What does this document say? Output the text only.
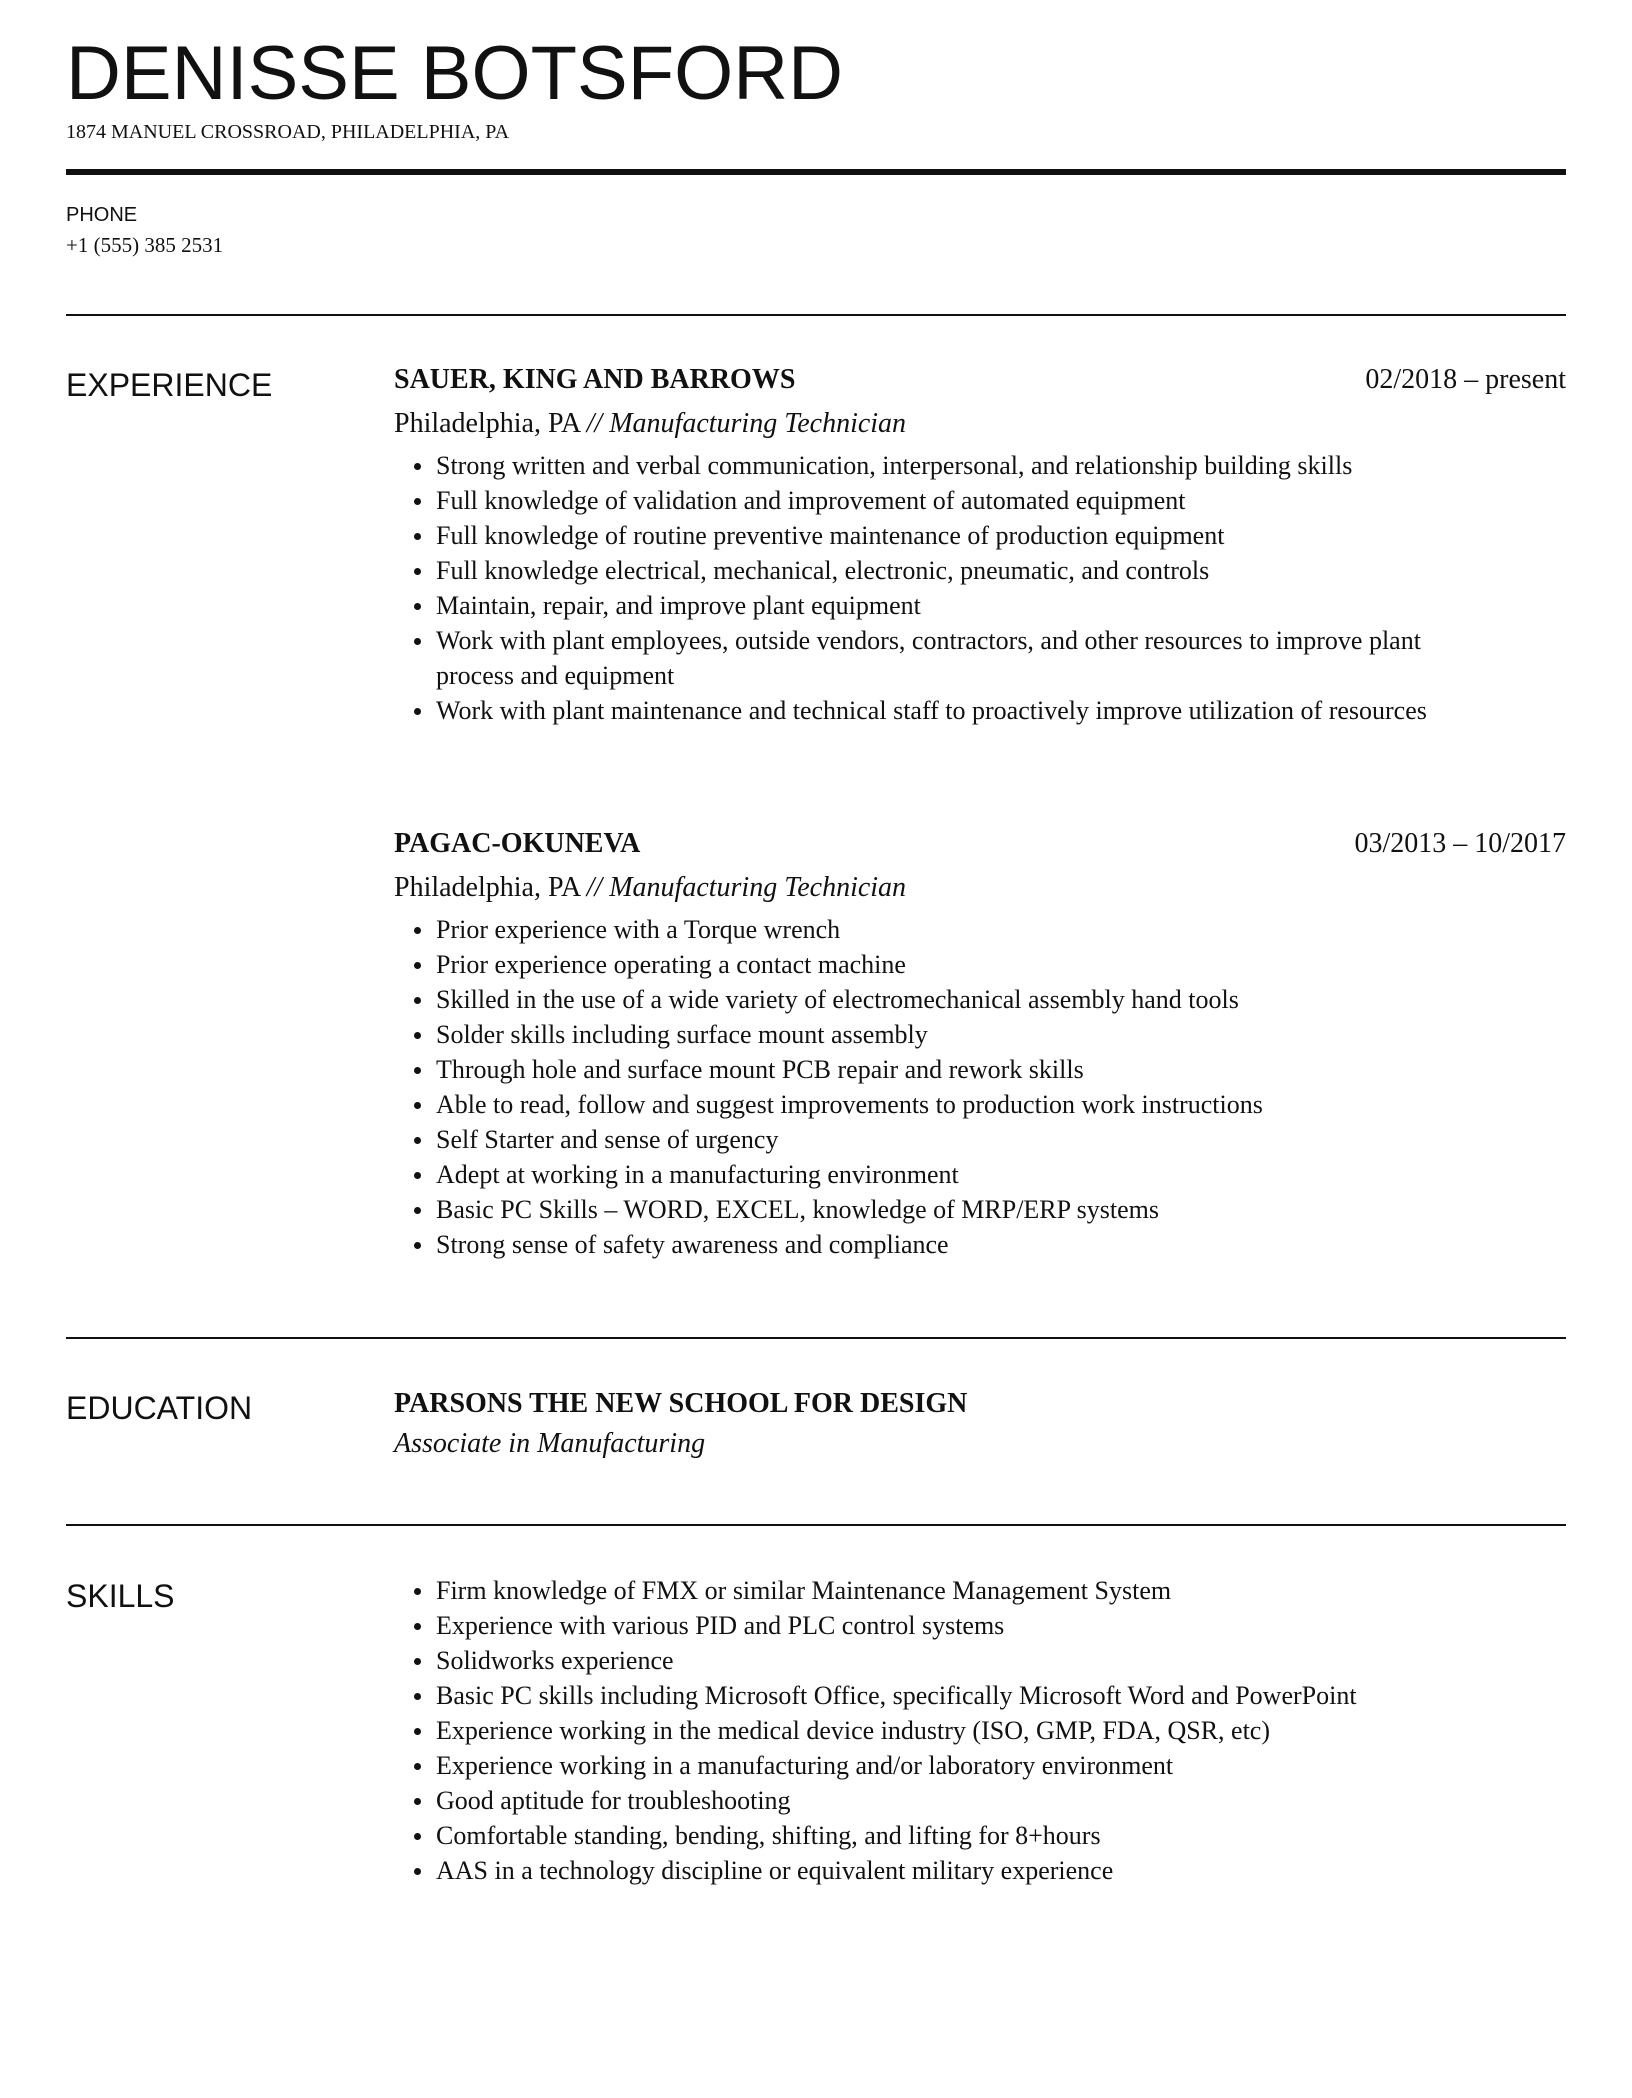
DENISSE BOTSFORD
1874 MANUEL CROSSROAD, PHILADELPHIA, PA
PHONE
+1 (555) 385 2531
EXPERIENCE	SAUER, KING AND BARROWS	02/2018 – present

Philadelphia, PA // Manufacturing Technician

Strong written and verbal communication, interpersonal, and relationship building skills
Full knowledge of validation and improvement of automated equipment
Full knowledge of routine preventive maintenance of production equipment
Full knowledge electrical, mechanical, electronic, pneumatic, and controls
Maintain, repair, and improve plant equipment
Work with plant employees, outside vendors, contractors, and other resources to improve plant process and equipment
Work with plant maintenance and technical staff to proactively improve utilization of resources
PAGAC-OKUNEVA	03/2013 – 10/2017

Philadelphia, PA // Manufacturing Technician

Prior experience with a Torque wrench
Prior experience operating a contact machine
Skilled in the use of a wide variety of electromechanical assembly hand tools
Solder skills including surface mount assembly
Through hole and surface mount PCB repair and rework skills
Able to read, follow and suggest improvements to production work instructions
Self Starter and sense of urgency
Adept at working in a manufacturing environment
Basic PC Skills – WORD, EXCEL, knowledge of MRP/ERP systems
Strong sense of safety awareness and compliance
EDUCATION	PARSONS THE NEW SCHOOL FOR DESIGN
Associate in Manufacturing
SKILLS	Firm knowledge of FMX or similar Maintenance Management System
Experience with various PID and PLC control systems
Solidworks experience
Basic PC skills including Microsoft Office, specifically Microsoft Word and PowerPoint
Experience working in the medical device industry (ISO, GMP, FDA, QSR, etc)
Experience working in a manufacturing and/or laboratory environment
Good aptitude for troubleshooting
Comfortable standing, bending, shifting, and lifting for 8+hours
AAS in a technology discipline or equivalent military experience
